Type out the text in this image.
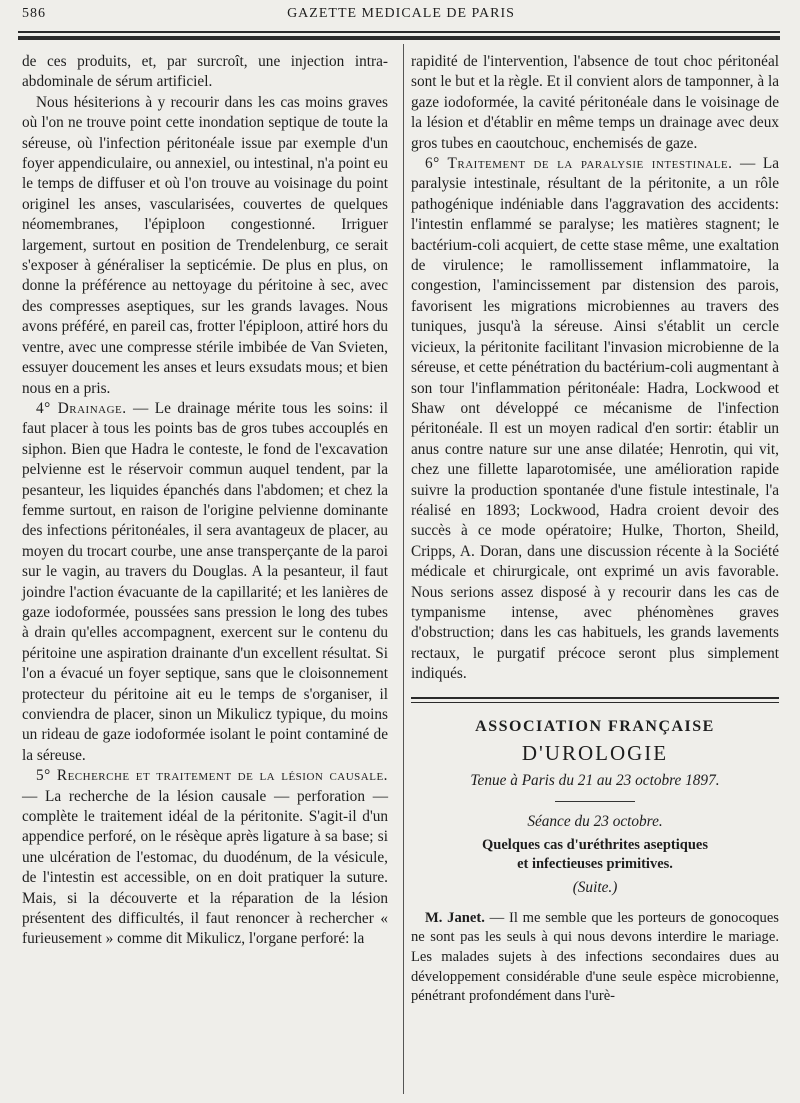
586	GAZETTE MEDICALE DE PARIS

de ces produits, et, par surcroît, une injection intra-abdominale de sérum artificiel.

Nous hésiterions à y recourir dans les cas moins graves où l'on ne trouve point cette inondation septique de toute la séreuse, où l'infection péritonéale issue par exemple d'un foyer appendiculaire, ou annexiel, ou intestinal, n'a point eu le temps de diffuser et où l'on trouve au voisinage du point originel les anses, vascularisées, couvertes de quelques néomembranes, l'épiploon congestionné. Irriguer largement, surtout en position de Trendelenburg, ce serait s'exposer à généraliser la septicémie. De plus en plus, on donne la préférence au nettoyage du péritoine à sec, avec des compresses aseptiques, sur les grands lavages. Nous avons préféré, en pareil cas, frotter l'épiploon, attiré hors du ventre, avec une compresse stérile imbibée de Van Svieten, essuyer doucement les anses et leurs exsudats mous; et bien nous en a pris.

4° Drainage. — Le drainage mérite tous les soins: il faut placer à tous les points bas de gros tubes accouplés en siphon. Bien que Hadra le conteste, le fond de l'excavation pelvienne est le réservoir commun auquel tendent, par la pesanteur, les liquides épanchés dans l'abdomen; et chez la femme surtout, en raison de l'origine pelvienne dominante des infections péritonéales, il sera avantageux de placer, au moyen du trocart courbe, une anse transperçante de la paroi sur le vagin, au travers du Douglas. A la pesanteur, il faut joindre l'action évacuante de la capillarité; et les lanières de gaze iodoformée, poussées sans pression le long des tubes à drain qu'elles accompagnent, exercent sur le contenu du péritoine une aspiration drainante d'un excellent résultat. Si l'on a évacué un foyer septique, sans que le cloisonnement protecteur du péritoine ait eu le temps de s'organiser, il conviendra de placer, sinon un Mikulicz typique, du moins un rideau de gaze iodoformée isolant le point contaminé de la séreuse.

5° Recherche et traitement de la lésion causale. — La recherche de la lésion causale — perforation — complète le traitement idéal de la péritonite. S'agit-il d'un appendice perforé, on le résèque après ligature à sa base; si une ulcération de l'estomac, du duodénum, de la vésicule, de l'intestin est accessible, on en doit pratiquer la suture. Mais, si la découverte et la réparation de la lésion présentent des difficultés, il faut renoncer à rechercher « furieusement » comme dit Mikulicz, l'organe perforé: la

rapidité de l'intervention, l'absence de tout choc péritonéal sont le but et la règle. Et il convient alors de tamponner, à la gaze iodoformée, la cavité péritonéale dans le voisinage de la lésion et d'établir en même temps un drainage avec deux gros tubes en caoutchouc, enchemisés de gaze.

6° Traitement de la paralysie intestinale. — La paralysie intestinale, résultant de la péritonite, a un rôle pathogénique indéniable dans l'aggravation des accidents: l'intestin enflammé se paralyse; les matières stagnent; le bactérium-coli acquiert, de cette stase même, une exaltation de virulence; le ramollissement inflammatoire, la congestion, l'amincissement par distension des parois, favorisent les migrations microbiennes au travers des tuniques, jusqu'à la séreuse. Ainsi s'établit un cercle vicieux, la péritonite facilitant l'invasion microbienne de la séreuse, et cette pénétration du bactérium-coli augmentant à son tour l'inflammation péritonéale: Hadra, Lockwood et Shaw ont développé ce mécanisme de l'infection péritonéale. Il est un moyen radical d'en sortir: établir un anus contre nature sur une anse dilatée; Henrotin, qui vit, chez une fillette laparotomisée, une amélioration rapide suivre la production spontanée d'une fistule intestinale, l'a réalisé en 1893; Lockwood, Hadra croient devoir des succès à ce mode opératoire; Hulke, Thorton, Sheild, Cripps, A. Doran, dans une discussion récente à la Société médicale et chirurgicale, ont exprimé un avis favorable. Nous serions assez disposé à y recourir dans les cas de tympanisme intense, avec phénomènes graves d'obstruction; dans les cas habituels, les grands lavements rectaux, le purgatif précoce seront plus simplement indiqués.

ASSOCIATION FRANÇAISE
D'UROLOGIE
Tenue à Paris du 21 au 23 octobre 1897.
Séance du 23 octobre.
Quelques cas d'uréthrites aseptiques
et infectieuses primitives.
(Suite.)

M. Janet. — Il me semble que les porteurs de gonocoques ne sont pas les seuls à qui nous devons interdire le mariage. Les malades sujets à des infections secondaires dues au développement considérable d'une seule espèce microbienne, pénétrant profondément dans l'urè-
